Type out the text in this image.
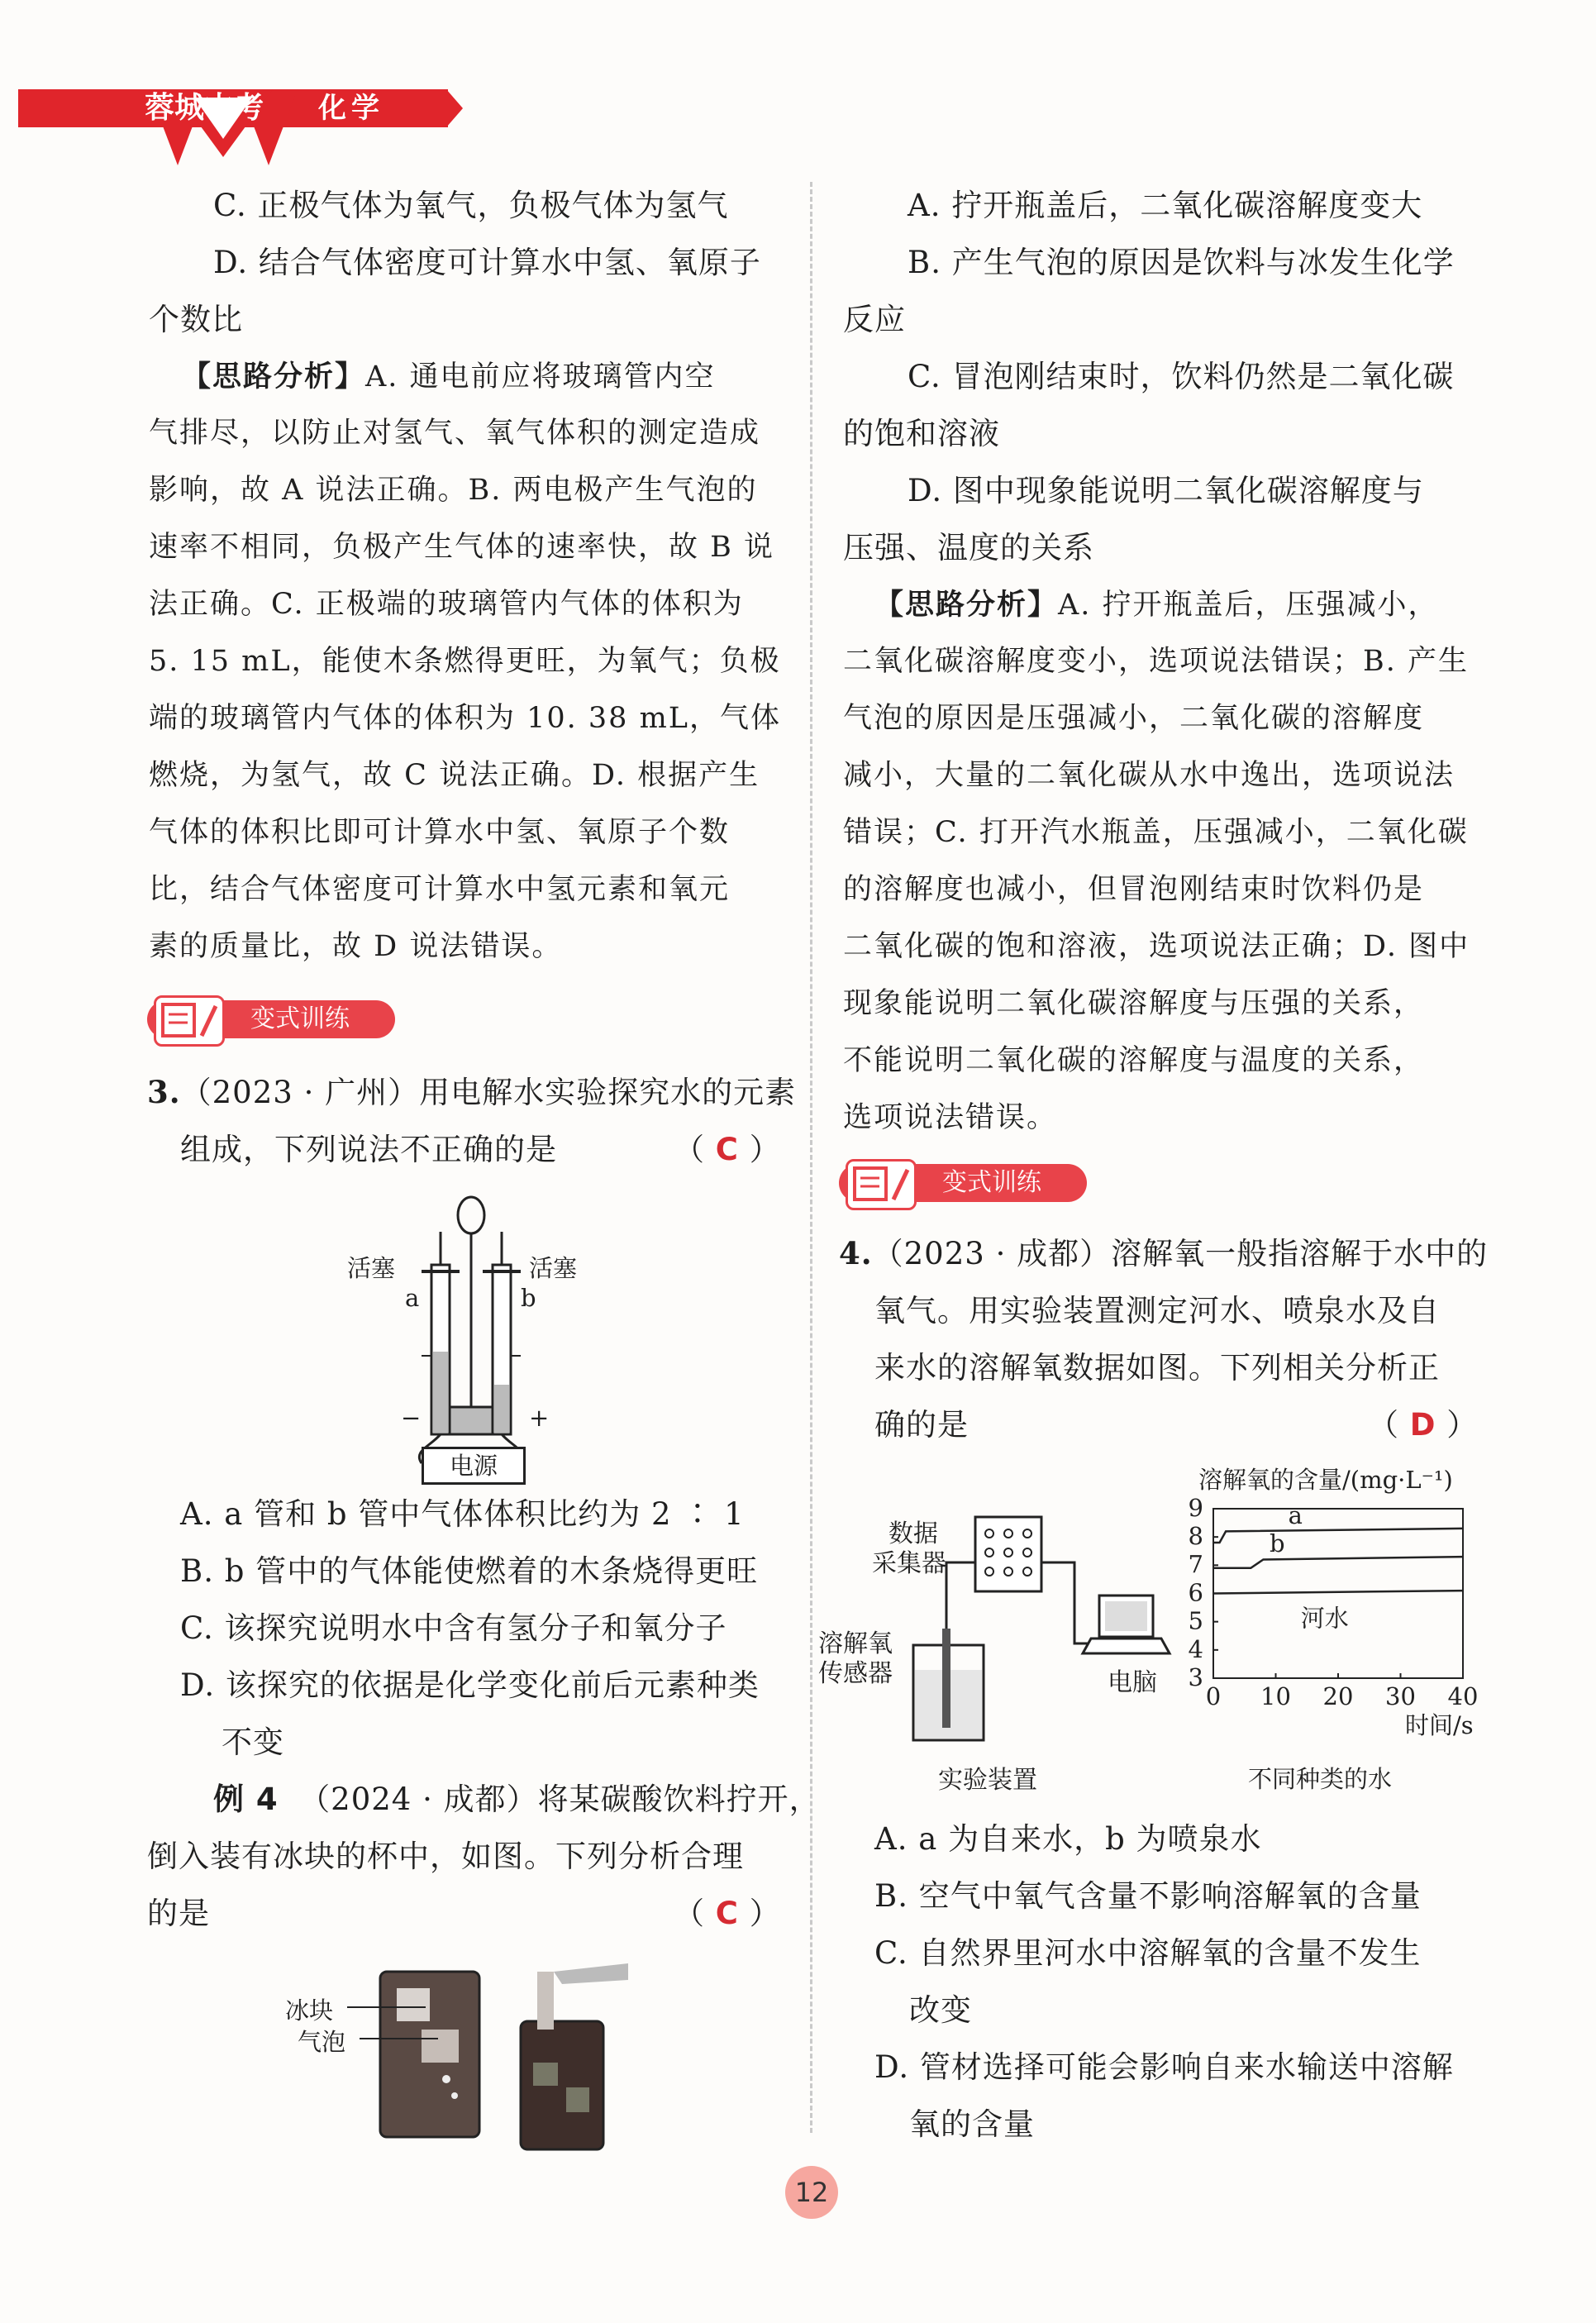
蓉城中考 化学
C. 正极气体为氧气，负极气体为氢气
D. 结合气体密度可计算水中氢、氧原子
个数比
【思路分析】A. 通电前应将玻璃管内空
气排尽，以防止对氢气、氧气体积的测定造成
影响，故 A 说法正确。B. 两电极产生气泡的
速率不相同，负极产生气体的速率快，故 B 说
法正确。C. 正极端的玻璃管内气体的体积为
5. 15 mL，能使木条燃得更旺，为氧气；负极
端的玻璃管内气体的体积为 10. 38 mL，气体
燃烧，为氢气，故 C 说法正确。D. 根据产生
气体的体积比即可计算水中氢、氧原子个数
比，结合气体密度可计算水中氢元素和氧元
素的质量比，故 D 说法错误。
变式训练
3.（2023 · 广州）用电解水实验探究水的元素
组成，下列说法不正确的是	（ C ）
电源
活塞	活塞
a	b
−	+
A. a 管和 b 管中气体体积比约为 2 ∶ 1
B. b 管中的气体能使燃着的木条烧得更旺
C. 该探究说明水中含有氢分子和氧分子
D. 该探究的依据是化学变化前后元素种类
不变
例 4 （2024 · 成都）将某碳酸饮料拧开，
倒入装有冰块的杯中，如图。下列分析合理
的是	（ C ）
冰块
气泡
A. 拧开瓶盖后，二氧化碳溶解度变大
B. 产生气泡的原因是饮料与冰发生化学
反应
C. 冒泡刚结束时，饮料仍然是二氧化碳
的饱和溶液
D. 图中现象能说明二氧化碳溶解度与
压强、温度的关系
【思路分析】A. 拧开瓶盖后，压强减小，
二氧化碳溶解度变小，选项说法错误；B. 产生
气泡的原因是压强减小，二氧化碳的溶解度
减小，大量的二氧化碳从水中逸出，选项说法
错误；C. 打开汽水瓶盖，压强减小，二氧化碳
的溶解度也减小，但冒泡刚结束时饮料仍是
二氧化碳的饱和溶液，选项说法正确；D. 图中
现象能说明二氧化碳溶解度与压强的关系，
不能说明二氧化碳的溶解度与温度的关系，
选项说法错误。
变式训练
4.（2023 · 成都）溶解氧一般指溶解于水中的
氧气。用实验装置测定河水、喷泉水及自
来水的溶解氧数据如图。下列相关分析正
确的是	（ D ）
数据
采集器
溶解氧
传感器	电脑
实验装置
溶解氧的含量/(mg·L⁻¹)
3
4
5
6
7
8
9
0 10 20 30 40
a
b
河水
时间/s
不同种类的水
A. a 为自来水，b 为喷泉水
B. 空气中氧气含量不影响溶解氧的含量
C. 自然界里河水中溶解氧的含量不发生
改变
D. 管材选择可能会影响自来水输送中溶解
氧的含量
12
